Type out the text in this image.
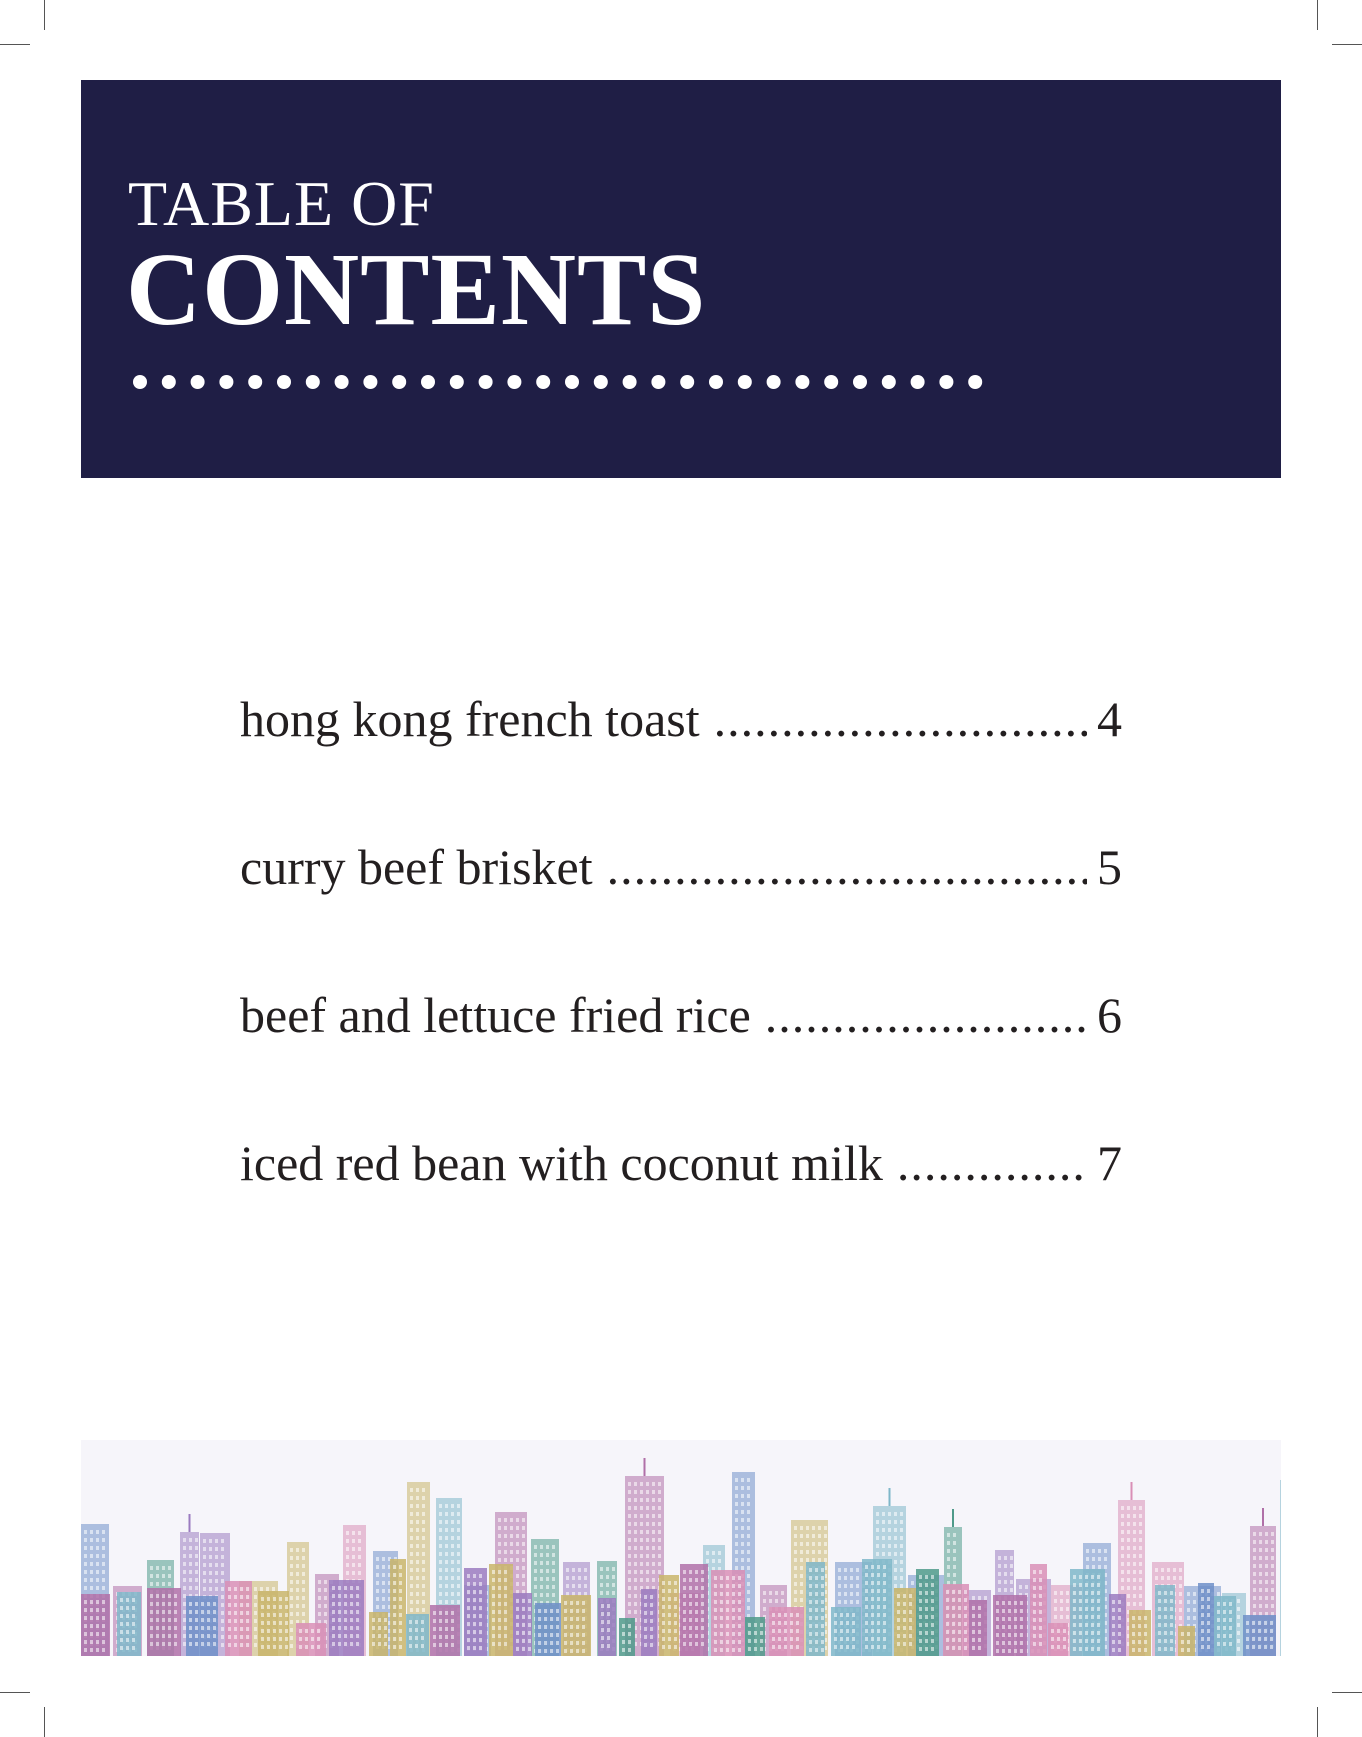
TABLE OF
CONTENTS
hong kong french toast .....	4
curry beef brisket .....	5
beef and lettuce fried rice .....	6
iced red bean with coconut milk .....	7
